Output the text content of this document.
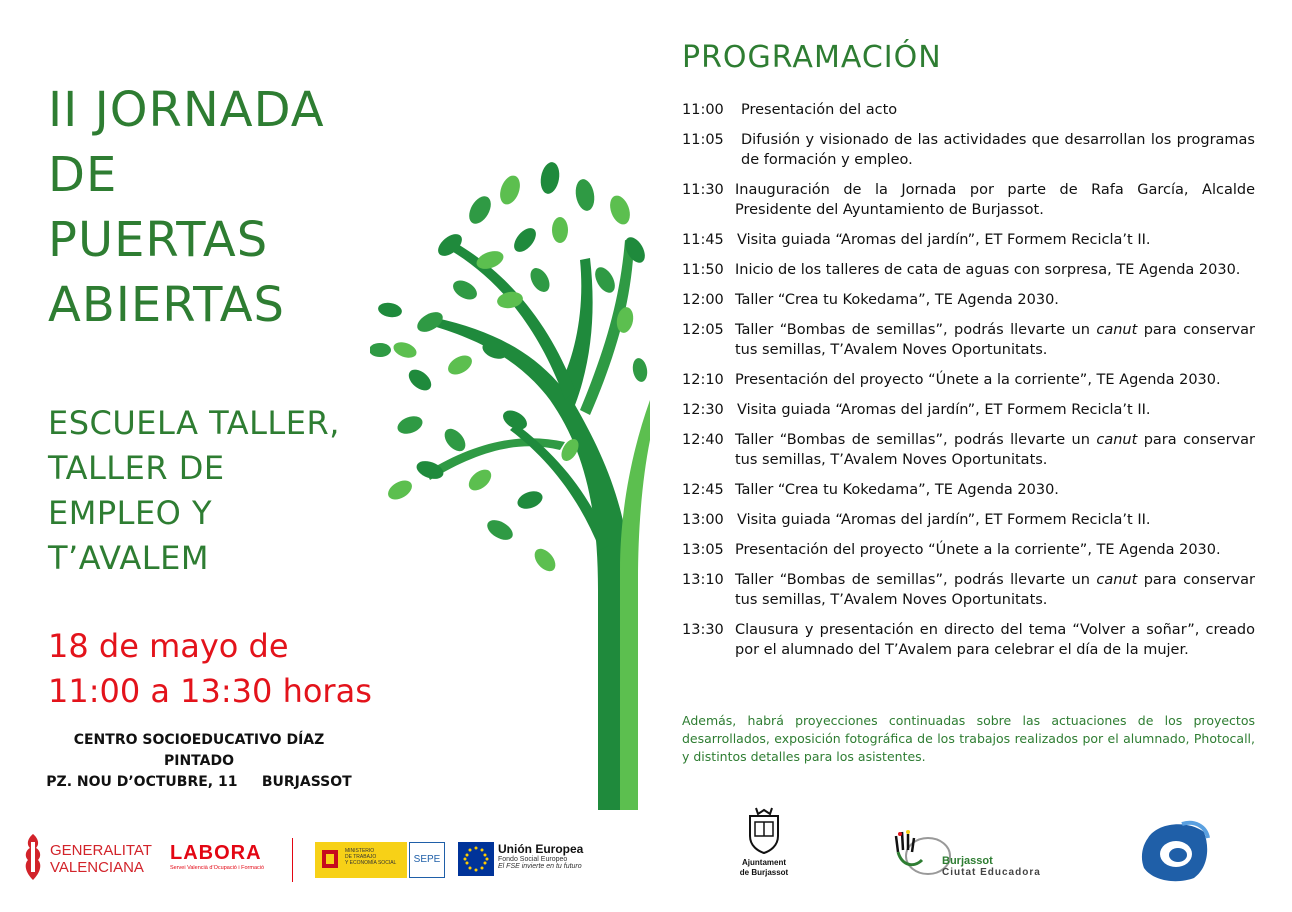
II JORNADA
DE
PUERTAS
ABIERTAS
ESCUELA TALLER,
TALLER DE
EMPLEO Y
T’AVALEM
18 de mayo de
11:00 a 13:30 horas
CENTRO SOCIOEDUCATIVO DÍAZ PINTADO
PZ. NOU D’OCTUBRE, 11     BURJASSOT
PROGRAMACIÓN
11:00	Presentación del acto
11:05	Difusión y visionado de las actividades que desarrollan los programas de formación y empleo.
11:30 Inauguración de la Jornada por parte de Rafa García, Alcalde Presidente del Ayuntamiento de Burjassot.
11:45 Visita guiada “Aromas del jardín”, ET Formem Recicla’t II.
11:50 Inicio de los talleres de cata de aguas con sorpresa, TE Agenda 2030.
12:00 Taller “Crea tu Kokedama”, TE Agenda 2030.
12:05 Taller “Bombas de semillas”, podrás llevarte un canut para conservar tus semillas, T’Avalem Noves Oportunitats.
12:10 Presentación del proyecto “Únete a la corriente”, TE Agenda 2030.
12:30 Visita guiada “Aromas del jardín”, ET Formem Recicla’t II.
12:40 Taller “Bombas de semillas”, podrás llevarte un canut para conservar tus semillas, T’Avalem Noves Oportunitats.
12:45 Taller “Crea tu Kokedama”, TE Agenda 2030.
13:00 Visita guiada “Aromas del jardín”, ET Formem Recicla’t II.
13:05 Presentación del proyecto “Únete a la corriente”, TE Agenda 2030.
13:10 Taller “Bombas de semillas”, podrás llevarte un canut para conservar tus semillas, T’Avalem Noves Oportunitats.
13:30 Clausura y presentación en directo del tema “Volver a soñar”, creado por el alumnado del T’Avalem para celebrar el día de la mujer.
Además, habrá proyecciones continuadas sobre las actuaciones de los proyectos desarrollados, exposición fotográfica de los trabajos realizados por el alumnado, Photocall, y distintos detalles para los asistentes.
GENERALITAT
VALENCIANA
LABORA
Servei Valencià d’Ocupació i Formació
MINISTERIO
DE TRABAJO
Y ECONOMÍA SOCIAL	SEPE
Unión Europea
Fondo Social Europeo
El FSE invierte en tu futuro	Ajuntament
de Burjassot
Burjassot
Ciutat Educadora
